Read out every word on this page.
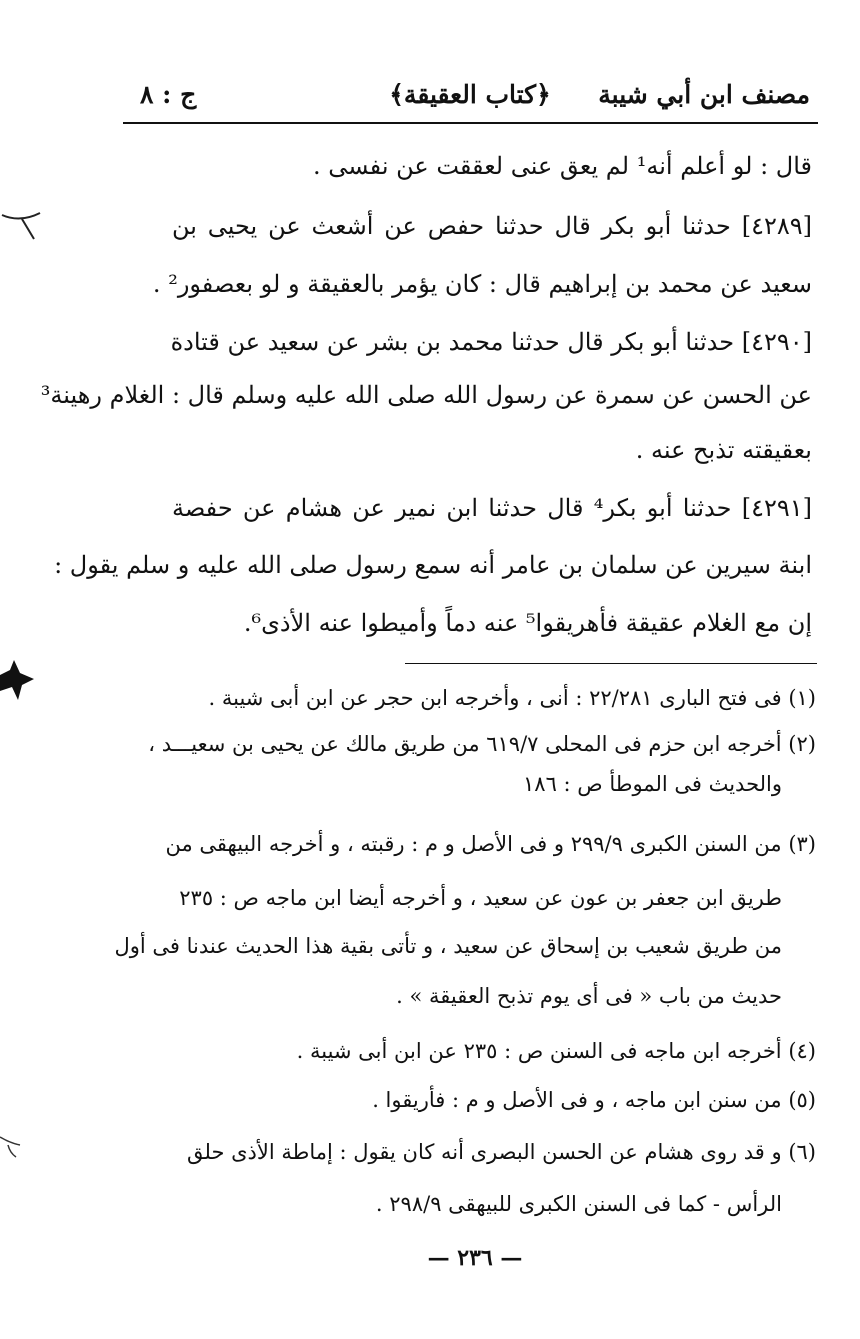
مصنف ابن أبي شيبة
﴿كتاب العقيقة﴾
ج : ٨
قال : لو أعلم أنه¹ لم يعق عنى لعققت عن نفسى .
[٤٢٨٩] حدثنا أبو بكر قال حدثنا حفص عن أشعث عن يحيى بن
سعيد عن محمد بن إبراهيم قال : كان يؤمر بالعقيقة و لو بعصفور² .
[٤٢٩٠] حدثنا أبو بكر قال حدثنا محمد بن بشر عن سعيد عن قتادة
عن الحسن عن سمرة عن رسول الله صلى الله عليه وسلم قال : الغلام رهينة³
بعقيقته تذبح عنه .
[٤٢٩١] حدثنا أبو بكر⁴ قال حدثنا ابن نمير عن هشام عن حفصة
ابنة سيرين عن سلمان بن عامر أنه سمع رسول صلى الله عليه و سلم يقول :
إن مع الغلام عقيقة فأهريقوا⁵ عنه دماً وأميطوا عنه الأذى⁶.
(١) فى فتح البارى ٢٢/٢٨١ : أنى ، وأخرجه ابن حجر عن ابن أبى شيبة .
(٢) أخرجه ابن حزم فى المحلى ٦١٩/٧ من طريق مالك عن يحيى بن سعيـــد ،
والحديث فى الموطأ ص : ١٨٦
(٣) من السنن الكبرى ٢٩٩/٩ و فى الأصل و م : رقبته ، و أخرجه البيهقى من
طريق ابن جعفر بن عون عن سعيد ، و أخرجه أيضا ابن ماجه ص : ٢٣٥
من طريق شعيب بن إسحاق عن سعيد ، و تأتى بقية هذا الحديث عندنا فى أول
حديث من باب « فى أى يوم تذبح العقيقة » .
(٤) أخرجه ابن ماجه فى السنن ص : ٢٣٥ عن ابن أبى شيبة .
(٥) من سنن ابن ماجه ، و فى الأصل و م : فأريقوا .
(٦) و قد روى هشام عن الحسن البصرى أنه كان يقول : إماطة الأذى حلق
الرأس - كما فى السنن الكبرى للبيهقى ٢٩٨/٩ .
— ٢٣٦ —
